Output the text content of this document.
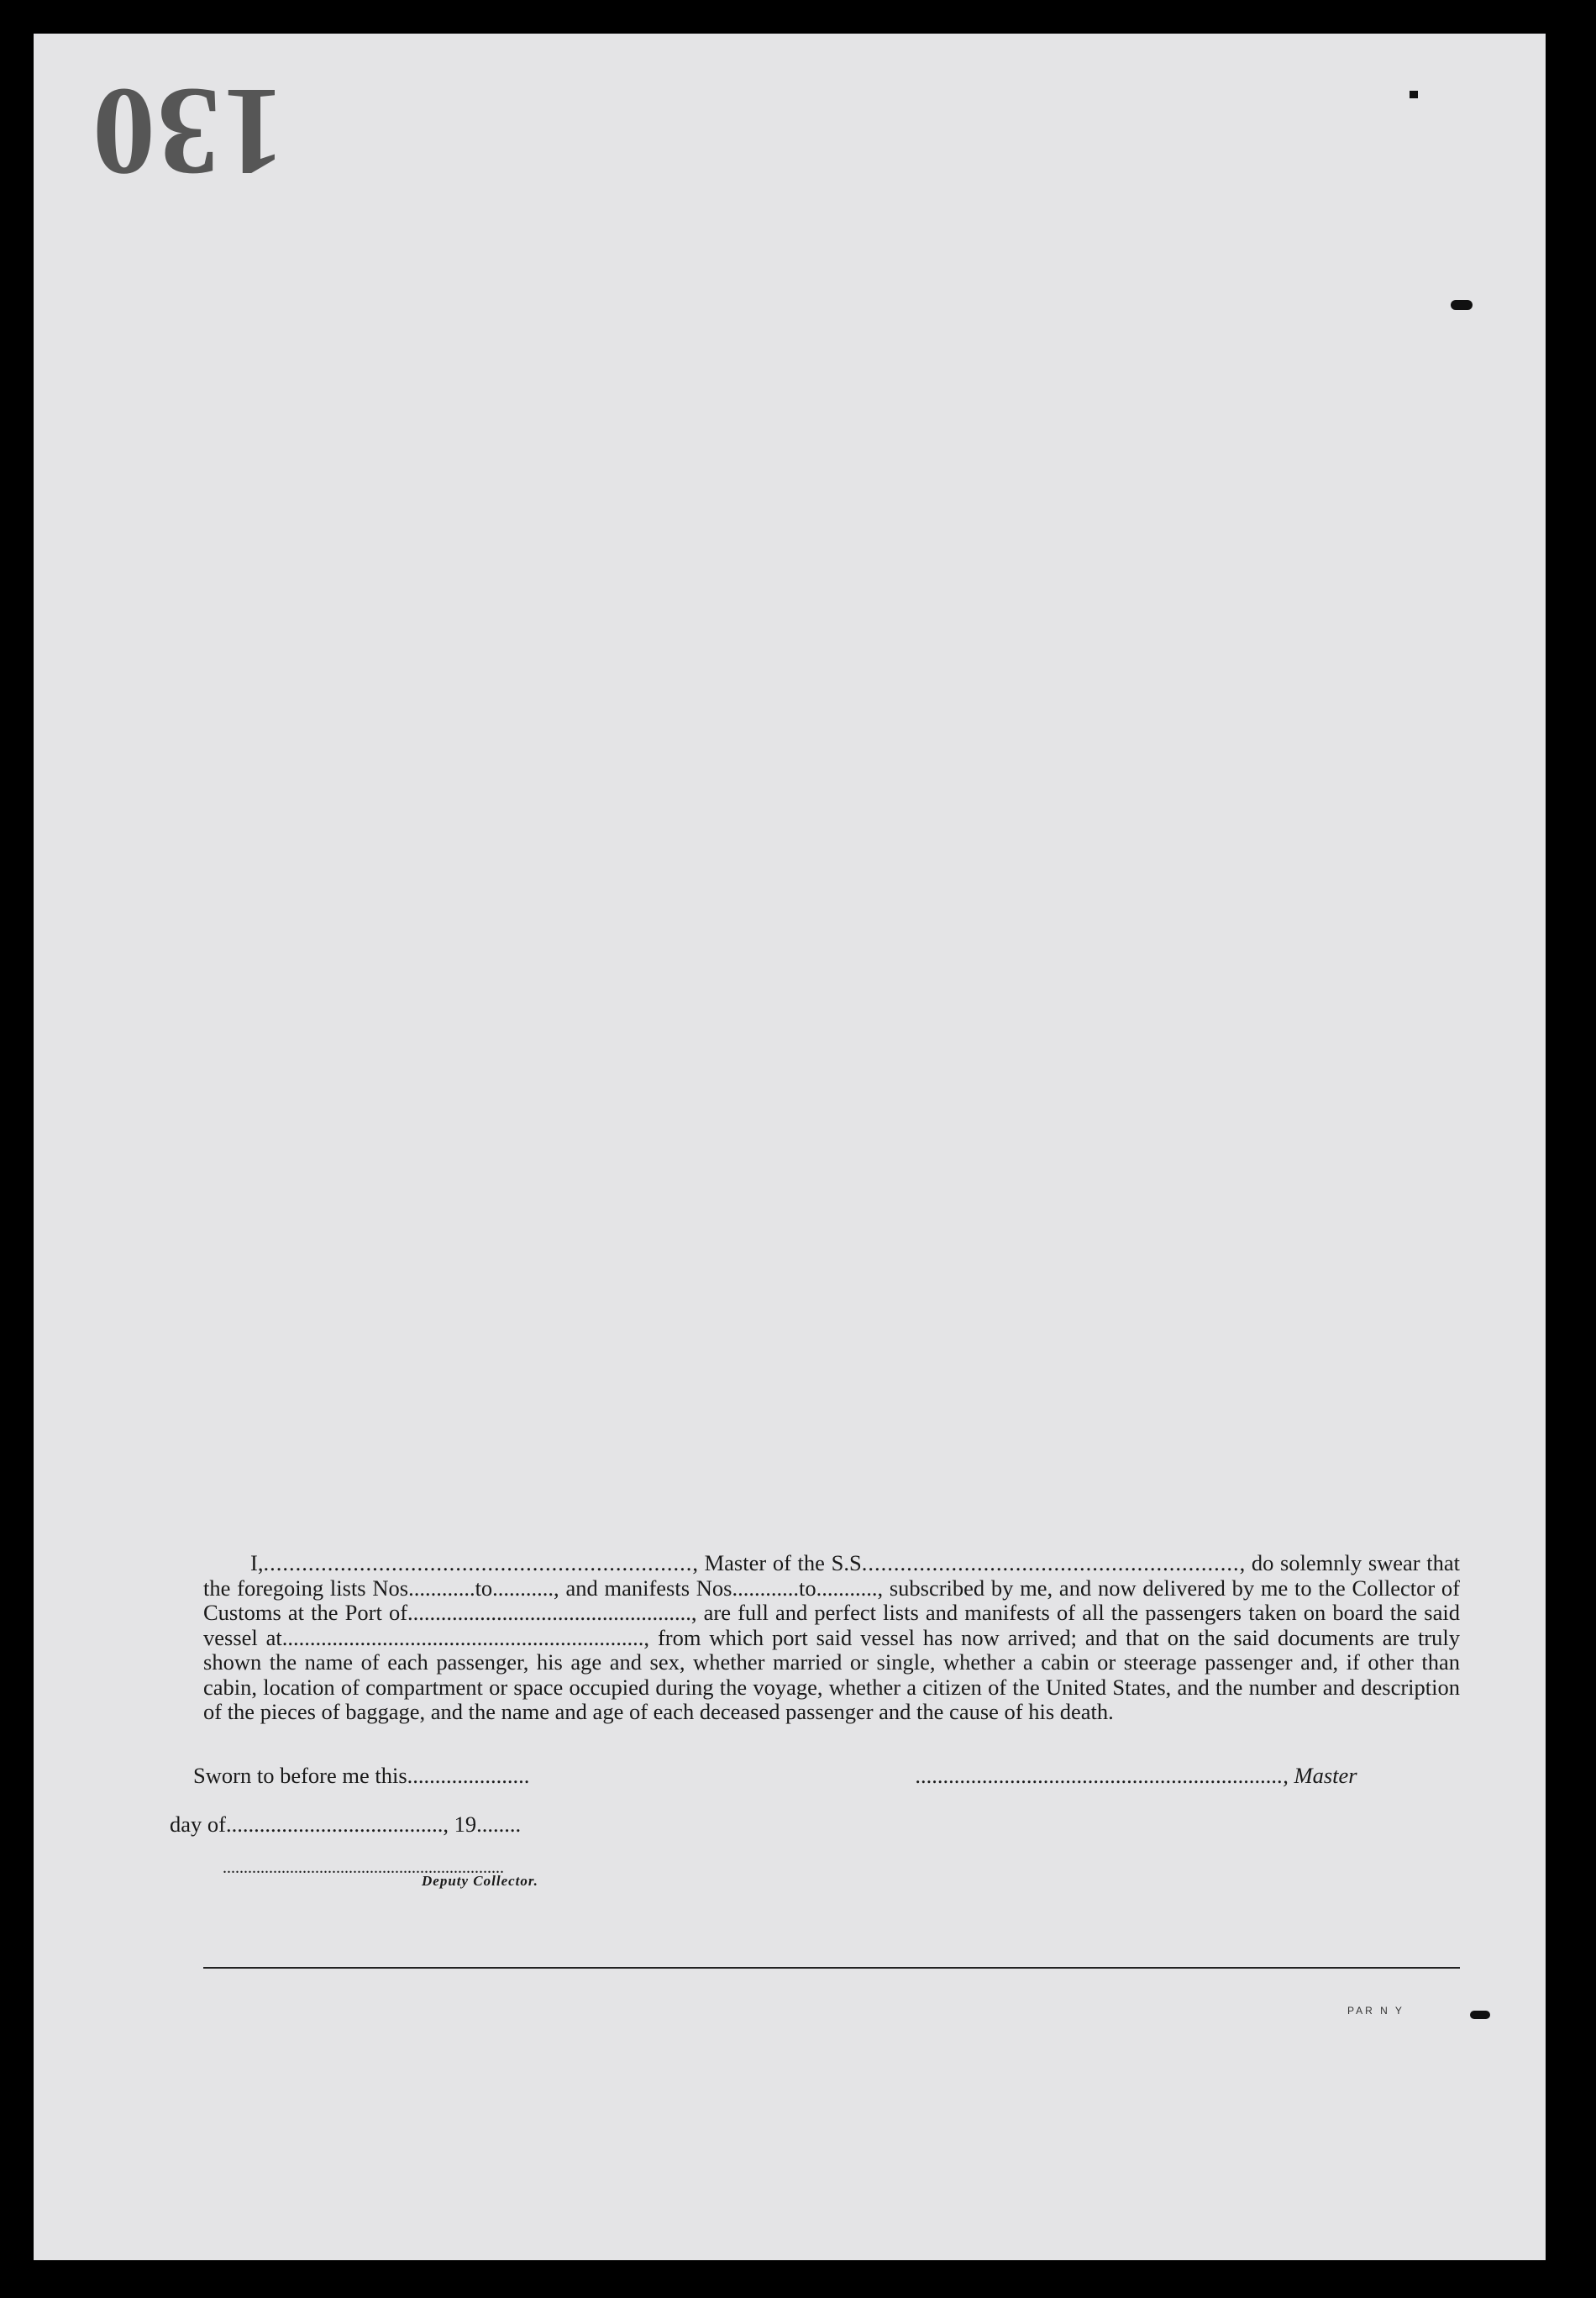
130
I,..................................................................., Master of the S.S..........................................................., do solemnly swear that the foregoing lists Nos............to..........., and manifests Nos............to..........., subscribed by me, and now delivered by me to the Collector of Customs at the Port of..................................................., are full and perfect lists and manifests of all the passengers taken on board the said vessel at................................................................., from which port said vessel has now arrived; and that on the said documents are truly shown the name of each passenger, his age and sex, whether married or single, whether a cabin or steerage passenger and, if other than cabin, location of compartment or space occupied during the voyage, whether a citizen of the United States, and the number and description of the pieces of baggage, and the name and age of each deceased passenger and the cause of his death.
Sworn to before me this......................	.................................................................., Master
day of......................................., 19........
...................................................................
Deputy Collector.
PAR N Y
